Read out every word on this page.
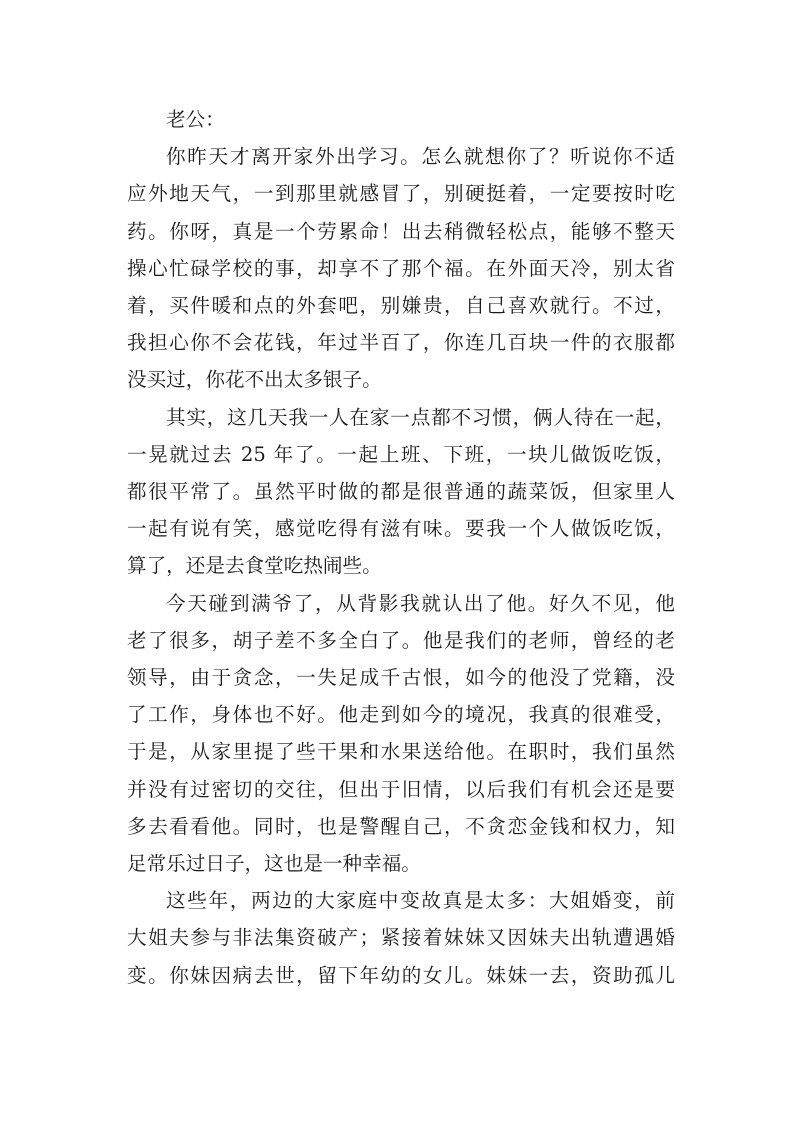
老公：

你昨天才离开家外出学习。怎么就想你了？听说你不适
应外地天气，一到那里就感冒了，别硬挺着，一定要按时吃
药。你呀，真是一个劳累命！出去稍微轻松点，能够不整天
操心忙碌学校的事，却享不了那个福。在外面天冷，别太省
着，买件暖和点的外套吧，别嫌贵，自己喜欢就行。不过，
我担心你不会花钱，年过半百了，你连几百块一件的衣服都
没买过，你花不出太多银子。

其实，这几天我一人在家一点都不习惯，俩人待在一起，
一晃就过去 25 年了。一起上班、下班，一块儿做饭吃饭，
都很平常了。虽然平时做的都是很普通的蔬菜饭，但家里人
一起有说有笑，感觉吃得有滋有味。要我一个人做饭吃饭，
算了，还是去食堂吃热闹些。

今天碰到满爷了，从背影我就认出了他。好久不见，他
老了很多，胡子差不多全白了。他是我们的老师，曾经的老
领导，由于贪念，一失足成千古恨，如今的他没了党籍，没
了工作，身体也不好。他走到如今的境况，我真的很难受，
于是，从家里提了些干果和水果送给他。在职时，我们虽然
并没有过密切的交往，但出于旧情，以后我们有机会还是要
多去看看他。同时，也是警醒自己，不贪恋金钱和权力，知
足常乐过日子，这也是一种幸福。

这些年，两边的大家庭中变故真是太多：大姐婚变，前
大姐夫参与非法集资破产；紧接着妹妹又因妹夫出轨遭遇婚
变。你妹因病去世，留下年幼的女儿。妹妹一去，资助孤儿
